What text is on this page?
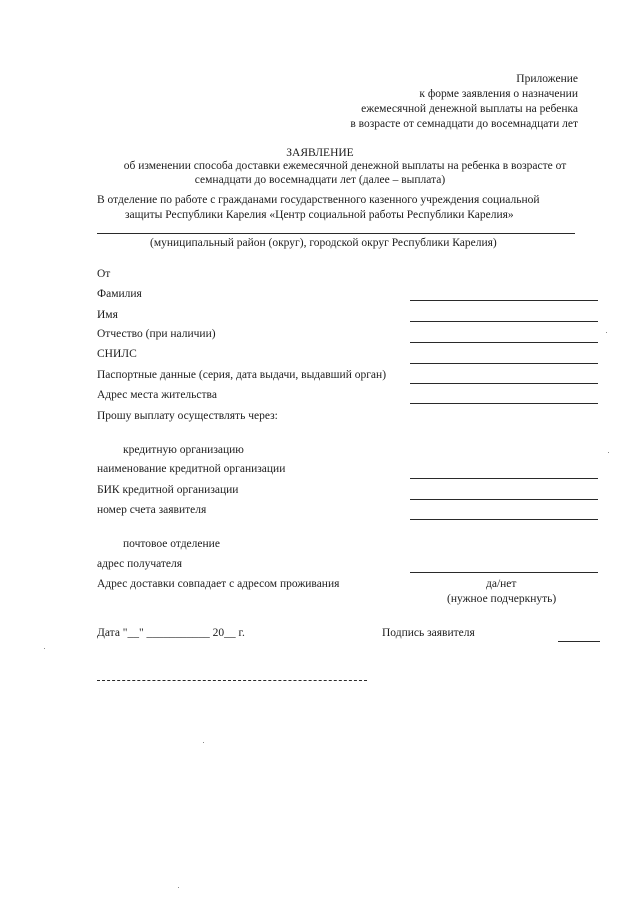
Приложение
к форме заявления о назначении
ежемесячной денежной выплаты на ребенка
в возрасте от семнадцати до восемнадцати лет
ЗАЯВЛЕНИЕ
об изменении способа доставки ежемесячной денежной выплаты на ребенка в возрасте от
семнадцати до восемнадцати лет (далее – выплата)
В отделение по работе с гражданами государственного казенного учреждения социальной
защиты Республики Карелия «Центр социальной работы Республики Карелия»
(муниципальный район (округ), городской округ Республики Карелия)
От
Фамилия
Имя
Отчество (при наличии)
СНИЛС
Паспортные данные (серия, дата выдачи, выдавший орган)
Адрес места жительства
Прошу выплату осуществлять через:
кредитную организацию
наименование кредитной организации
БИК кредитной организации
номер счета заявителя
почтовое отделение
адрес получателя
Адрес доставки совпадает с адресом проживания	да/нет
(нужное подчеркнуть)
Дата "__" ___________ 20__ г.	Подпись заявителя
